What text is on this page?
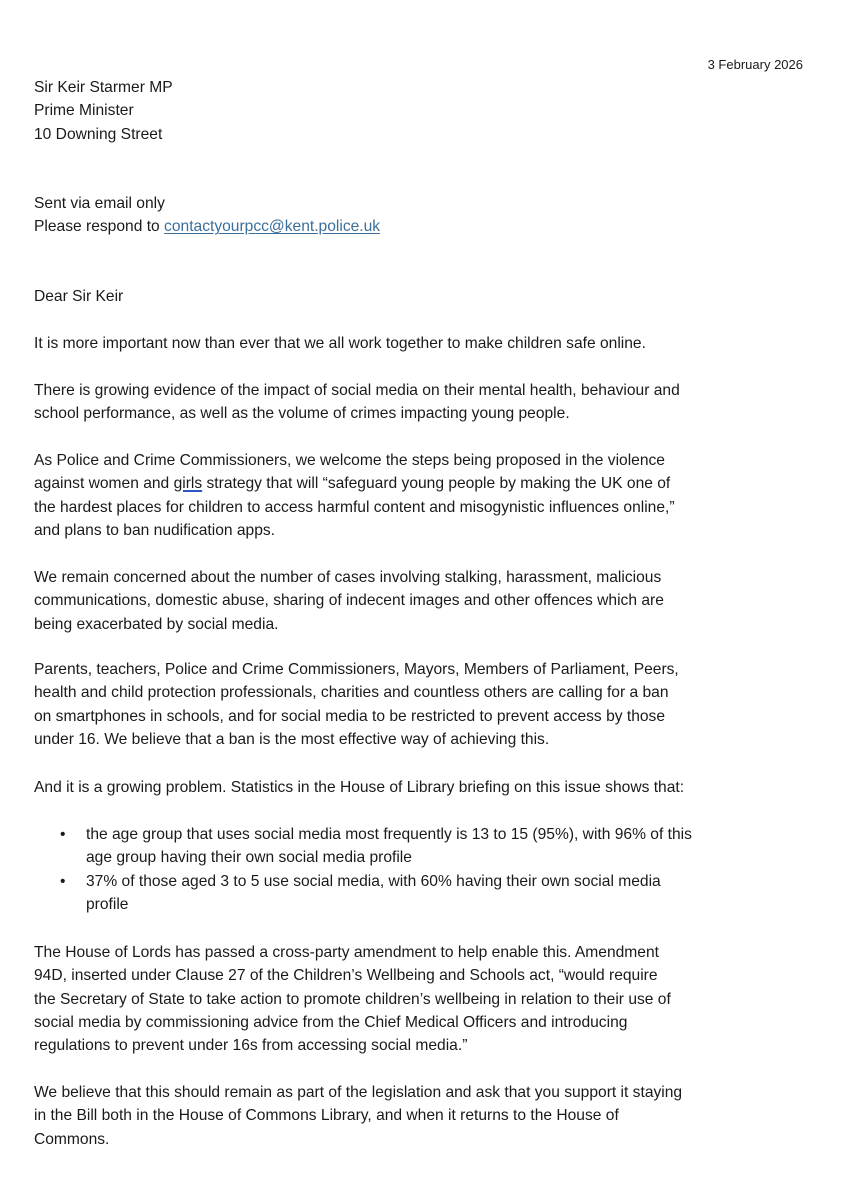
3 February 2026
Sir Keir Starmer MP
Prime Minister
10 Downing Street
Sent via email only
Please respond to contactyourpcc@kent.police.uk
Dear Sir Keir
It is more important now than ever that we all work together to make children safe online.
There is growing evidence of the impact of social media on their mental health, behaviour and
school performance, as well as the volume of crimes impacting young people.
As Police and Crime Commissioners, we welcome the steps being proposed in the violence
against women and girls strategy that will “safeguard young people by making the UK one of
the hardest places for children to access harmful content and misogynistic influences online,”
and plans to ban nudification apps.
We remain concerned about the number of cases involving stalking, harassment, malicious
communications, domestic abuse, sharing of indecent images and other offences which are
being exacerbated by social media.
Parents, teachers, Police and Crime Commissioners, Mayors, Members of Parliament, Peers,
health and child protection professionals, charities and countless others are calling for a ban
on smartphones in schools, and for social media to be restricted to prevent access by those
under 16. We believe that a ban is the most effective way of achieving this.
And it is a growing problem. Statistics in the House of Library briefing on this issue shows that:
• the age group that uses social media most frequently is 13 to 15 (95%), with 96% of this
age group having their own social media profile
• 37% of those aged 3 to 5 use social media, with 60% having their own social media
profile
The House of Lords has passed a cross-party amendment to help enable this. Amendment
94D, inserted under Clause 27 of the Children’s Wellbeing and Schools act, “would require
the Secretary of State to take action to promote children’s wellbeing in relation to their use of
social media by commissioning advice from the Chief Medical Officers and introducing
regulations to prevent under 16s from accessing social media.”
We believe that this should remain as part of the legislation and ask that you support it staying
in the Bill both in the House of Commons Library, and when it returns to the House of
Commons.
